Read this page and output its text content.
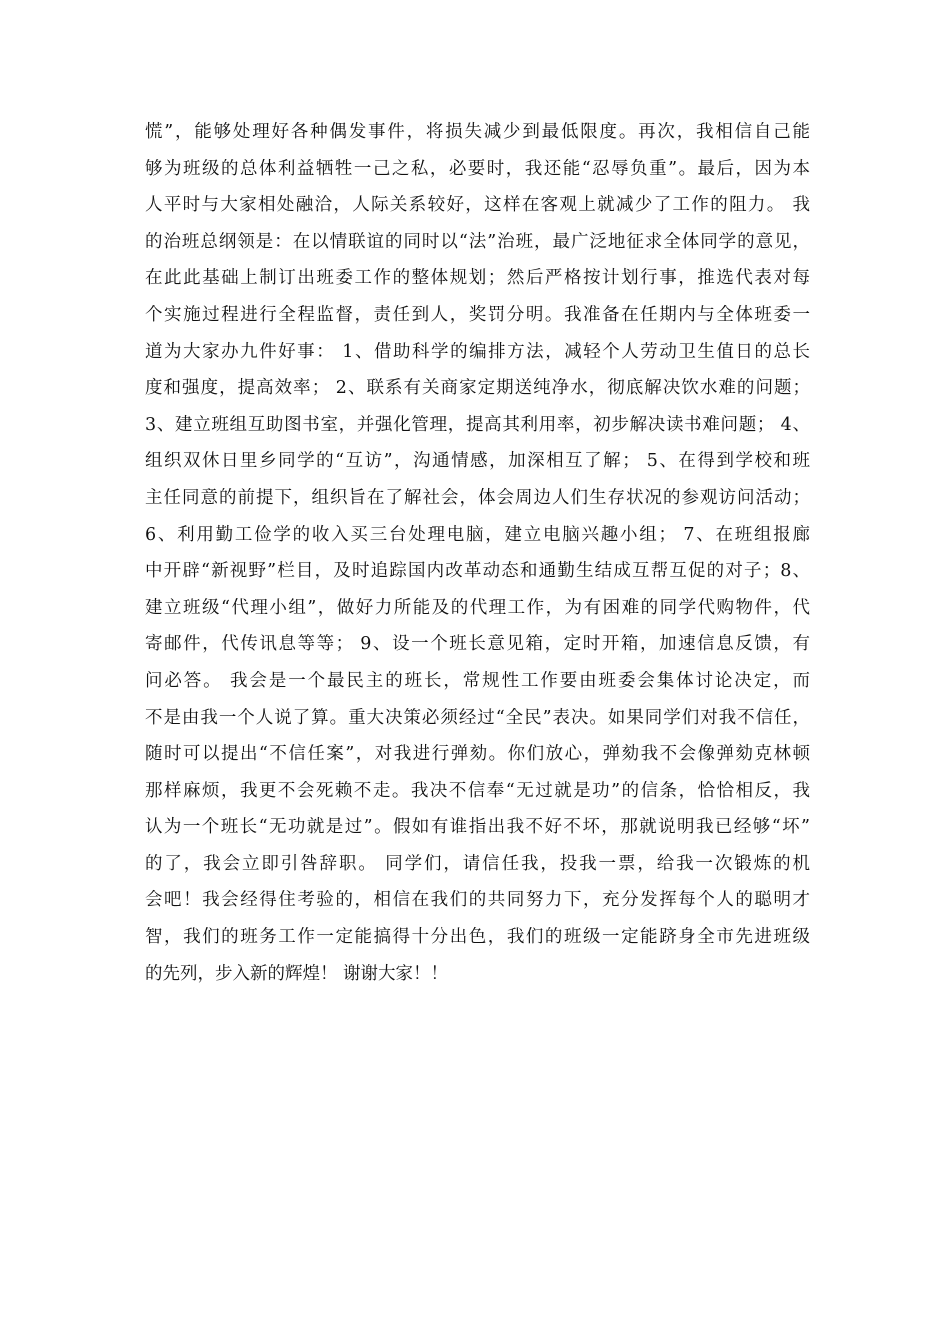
慌”，能够处理好各种偶发事件，将损失减少到最低限度。再次，我相信自己能
够为班级的总体利益牺牲一己之私，必要时，我还能“忍辱负重”。最后，因为本
人平时与大家相处融洽，人际关系较好，这样在客观上就减少了工作的阻力。 我
的治班总纲领是：在以情联谊的同时以“法”治班，最广泛地征求全体同学的意见，
在此此基础上制订出班委工作的整体规划；然后严格按计划行事，推选代表对每
个实施过程进行全程监督，责任到人，奖罚分明。我准备在任期内与全体班委一
道为大家办九件好事： 1、借助科学的编排方法，减轻个人劳动卫生值日的总长
度和强度，提高效率； 2、联系有关商家定期送纯净水，彻底解决饮水难的问题；
3、建立班组互助图书室，并强化管理，提高其利用率，初步解决读书难问题； 4、
组织双休日里乡同学的“互访”，沟通情感，加深相互了解； 5、在得到学校和班
主任同意的前提下，组织旨在了解社会，体会周边人们生存状况的参观访问活动；
6、利用勤工俭学的收入买三台处理电脑，建立电脑兴趣小组； 7、在班组报廊
中开辟“新视野”栏目，及时追踪国内改革动态和通勤生结成互帮互促的对子；8、
建立班级“代理小组”，做好力所能及的代理工作，为有困难的同学代购物件，代
寄邮件，代传讯息等等； 9、设一个班长意见箱，定时开箱，加速信息反馈，有
问必答。 我会是一个最民主的班长，常规性工作要由班委会集体讨论决定，而
不是由我一个人说了算。重大决策必须经过“全民”表决。如果同学们对我不信任，
随时可以提出“不信任案”，对我进行弹劾。你们放心，弹劾我不会像弹劾克林顿
那样麻烦，我更不会死赖不走。我决不信奉“无过就是功”的信条，恰恰相反，我
认为一个班长“无功就是过”。假如有谁指出我不好不坏，那就说明我已经够“坏”
的了，我会立即引咎辞职。 同学们，请信任我，投我一票，给我一次锻炼的机
会吧！我会经得住考验的，相信在我们的共同努力下，充分发挥每个人的聪明才
智，我们的班务工作一定能搞得十分出色，我们的班级一定能跻身全市先进班级
的先列，步入新的辉煌！ 谢谢大家！！
